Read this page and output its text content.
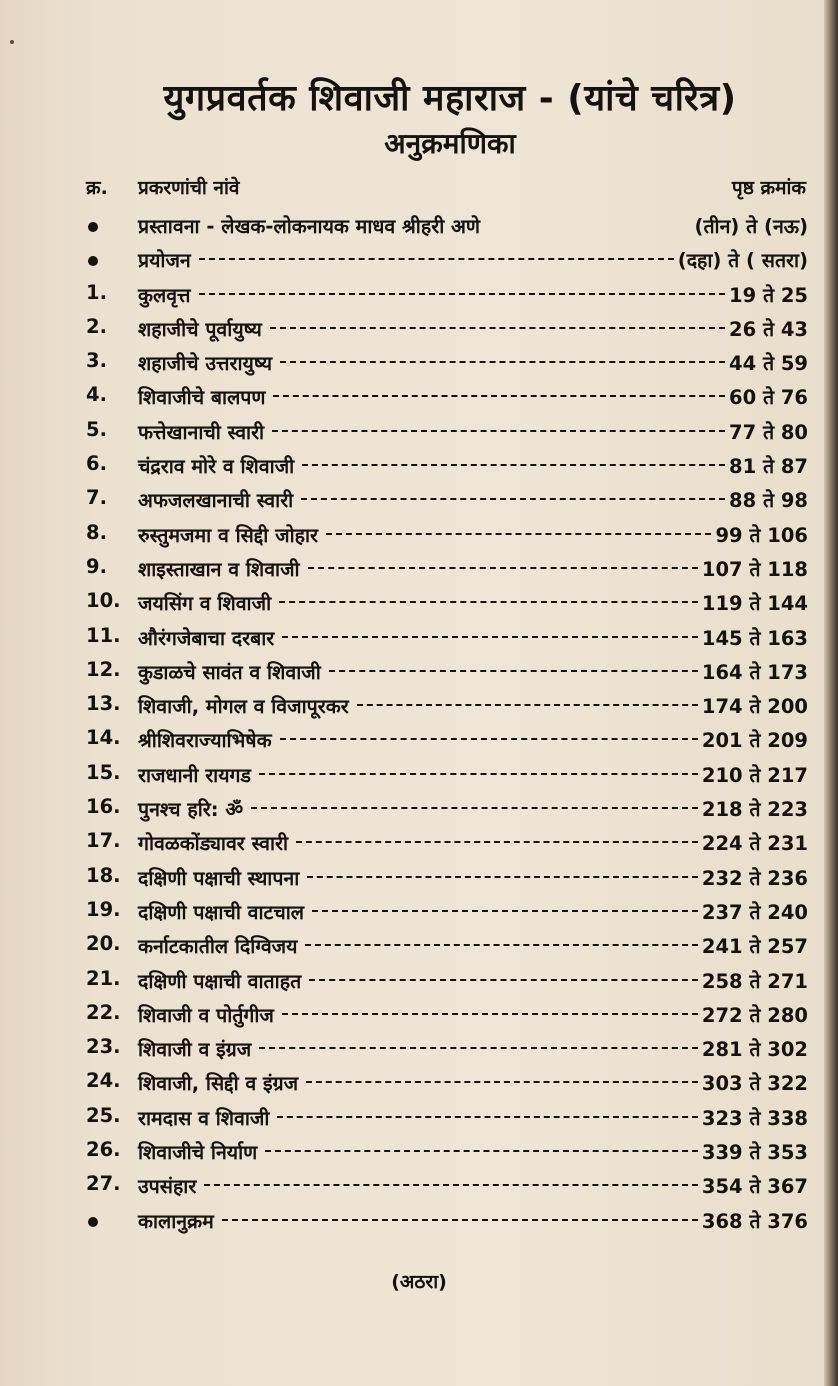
युगप्रवर्तक शिवाजी महाराज - (यांचे चरित्र)
अनुक्रमणिका
क्र. प्रकरणांची नांवे	पृष्ठ क्रमांक
प्रस्तावना - लेखक-लोकनायक माधव श्रीहरी अणे	(तीन) ते (नऊ)
प्रयोजन	(दहा) ते ( सतरा)
1. कुलवृत्त	19 ते 25
2. शहाजीचे पूर्वायुष्य	26 ते 43
3. शहाजीचे उत्तरायुष्य	44 ते 59
4. शिवाजीचे बालपण	60 ते 76
5. फत्तेखानाची स्वारी	77 ते 80
6. चंद्रराव मोरे व शिवाजी	81 ते 87
7. अफजलखानाची स्वारी	88 ते 98
8. रुस्तुमजमा व सिद्दी जोहार	99 ते 106
9. शाइस्ताखान व शिवाजी	107 ते 118
10. जयसिंग व शिवाजी	119 ते 144
11. औरंगजेबाचा दरबार	145 ते 163
12. कुडाळचे सावंत व शिवाजी	164 ते 173
13. शिवाजी, मोगल व विजापूरकर	174 ते 200
14. श्रीशिवराज्याभिषेक	201 ते 209
15. राजधानी रायगड	210 ते 217
16. पुनश्च हरि: ॐ	218 ते 223
17. गोवळकोंड्यावर स्वारी	224 ते 231
18. दक्षिणी पक्षाची स्थापना	232 ते 236
19. दक्षिणी पक्षाची वाटचाल	237 ते 240
20. कर्नाटकातील दिग्विजय	241 ते 257
21. दक्षिणी पक्षाची वाताहत	258 ते 271
22. शिवाजी व पोर्तुगीज	272 ते 280
23. शिवाजी व इंग्रज	281 ते 302
24. शिवाजी, सिद्दी व इंग्रज	303 ते 322
25. रामदास व शिवाजी	323 ते 338
26. शिवाजीचे निर्याण	339 ते 353
27. उपसंहार	354 ते 367
कालानुक्रम	368 ते 376
(अठरा)
